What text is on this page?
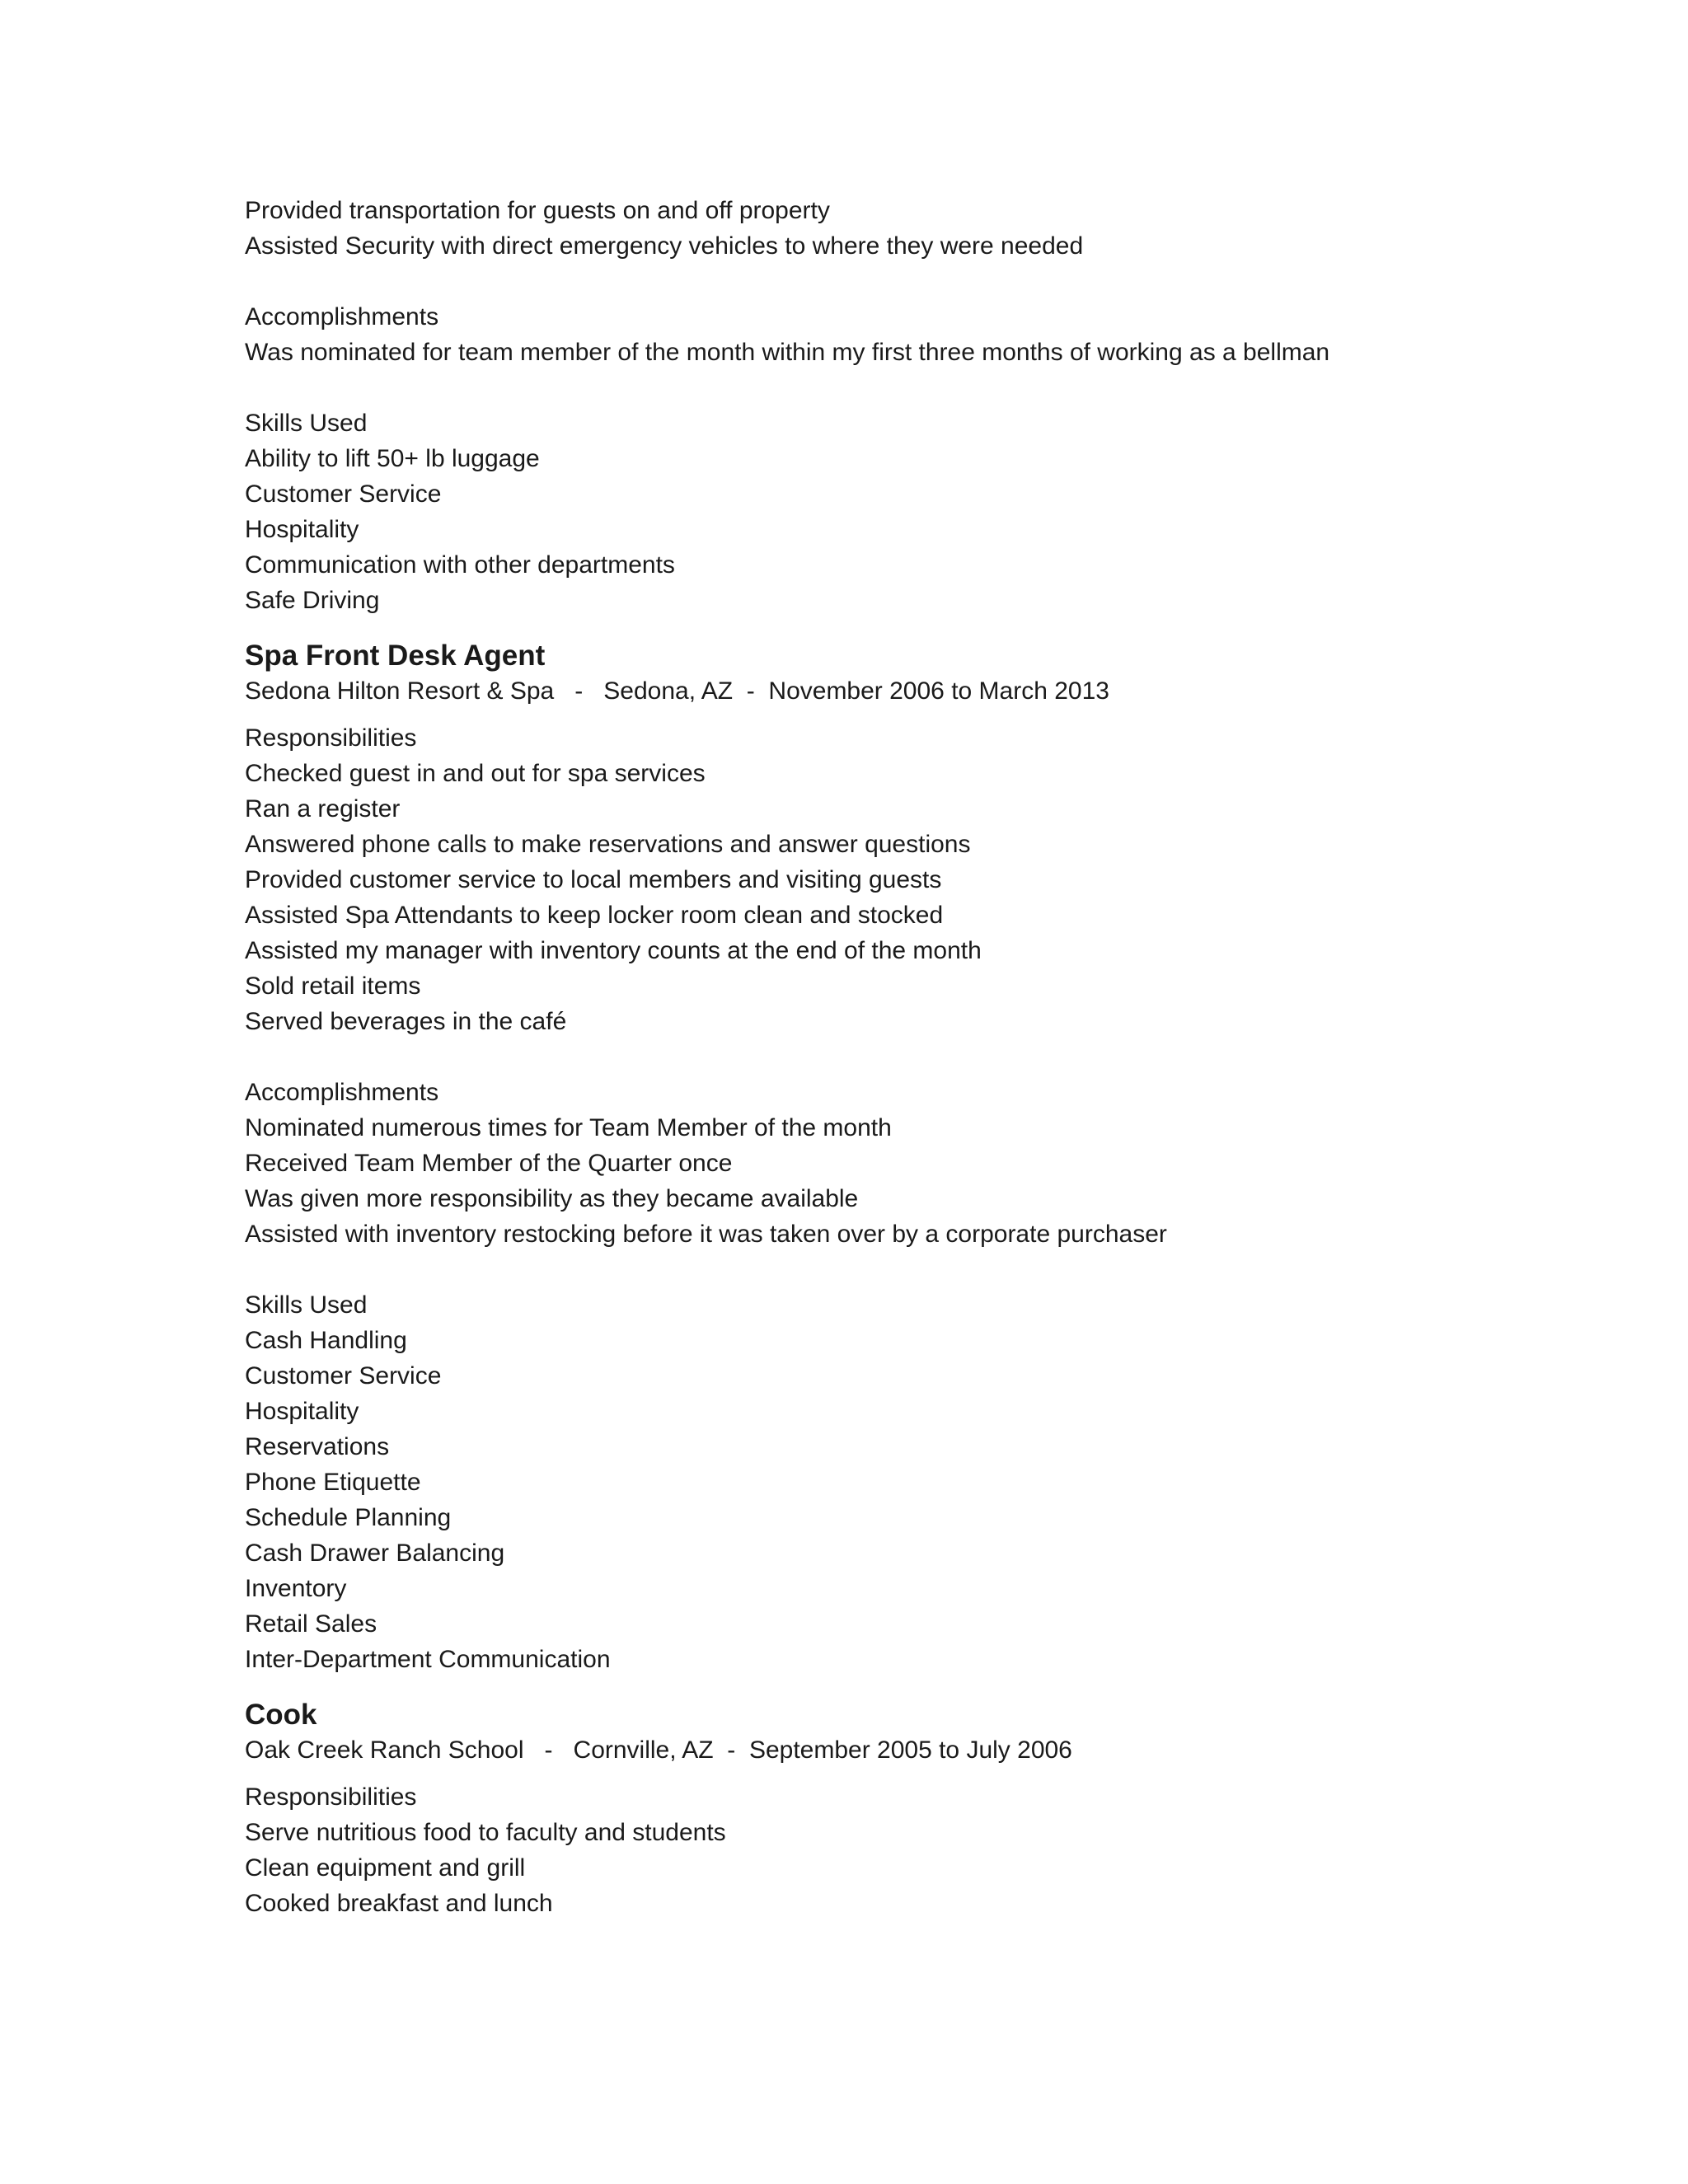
Provided transportation for guests on and off property
Assisted Security with direct emergency vehicles to where they were needed
Accomplishments
Was nominated for team member of the month within my first three months of working as a bellman
Skills Used
Ability to lift 50+ lb luggage
Customer Service
Hospitality
Communication with other departments
Safe Driving
Spa Front Desk Agent
Sedona Hilton Resort & Spa - Sedona, AZ - November 2006 to March 2013
Responsibilities
Checked guest in and out for spa services
Ran a register
Answered phone calls to make reservations and answer questions
Provided customer service to local members and visiting guests
Assisted Spa Attendants to keep locker room clean and stocked
Assisted my manager with inventory counts at the end of the month
Sold retail items
Served beverages in the café
Accomplishments
Nominated numerous times for Team Member of the month
Received Team Member of the Quarter once
Was given more responsibility as they became available
Assisted with inventory restocking before it was taken over by a corporate purchaser
Skills Used
Cash Handling
Customer Service
Hospitality
Reservations
Phone Etiquette
Schedule Planning
Cash Drawer Balancing
Inventory
Retail Sales
Inter-Department Communication
Cook
Oak Creek Ranch School - Cornville, AZ - September 2005 to July 2006
Responsibilities
Serve nutritious food to faculty and students
Clean equipment and grill
Cooked breakfast and lunch
